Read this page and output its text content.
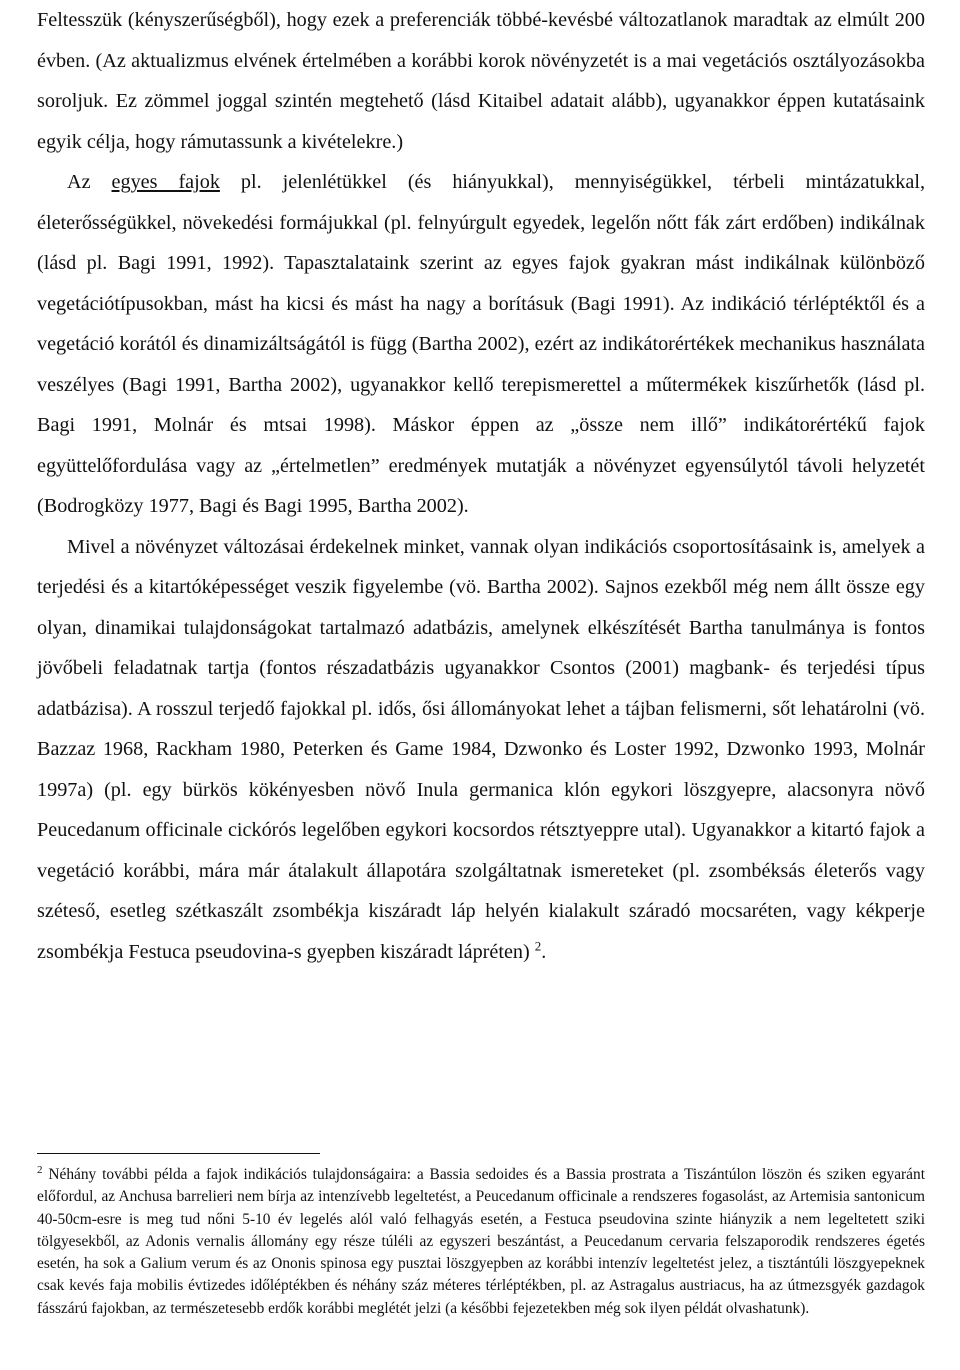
Feltesszük (kényszerűségből), hogy ezek a preferenciák többé-kevésbé változatlanok maradtak az elmúlt 200 évben. (Az aktualizmus elvének értelmében a korábbi korok növényzetét is a mai vegetációs osztályozásokba soroljuk. Ez zömmel joggal szintén megtehető (lásd Kitaibel adatait alább), ugyanakkor éppen kutatásaink egyik célja, hogy rámutassunk a kivételekre.)

Az egyes fajok pl. jelenlétükkel (és hiányukkal), mennyiségükkel, térbeli mintázatukkal, életerősségükkel, növekedési formájukkal (pl. felnyúrgult egyedek, legelőn nőtt fák zárt erdőben) indikálnak (lásd pl. Bagi 1991, 1992). Tapasztalataink szerint az egyes fajok gyakran mást indikálnak különböző vegetációtípusokban, mást ha kicsi és mást ha nagy a borításuk (Bagi 1991). Az indikáció térléptéktől és a vegetáció korától és dinamizáltságától is függ (Bartha 2002), ezért az indikátorértékek mechanikus használata veszélyes (Bagi 1991, Bartha 2002), ugyanakkor kellő terepismerettel a műtermékek kiszűrhetők (lásd pl. Bagi 1991, Molnár és mtsai 1998). Máskor éppen az „össze nem illő” indikátorértékű fajok együttelőfordulása vagy az „értelmetlen” eredmények mutatják a növényzet egyensúlytól távoli helyzetét (Bodrogközy 1977, Bagi és Bagi 1995, Bartha 2002).

Mivel a növényzet változásai érdekelnek minket, vannak olyan indikációs csoportosításaink is, amelyek a terjedési és a kitartóképességet veszik figyelembe (vö. Bartha 2002). Sajnos ezekből még nem állt össze egy olyan, dinamikai tulajdonságokat tartalmazó adatbázis, amelynek elkészítését Bartha tanulmánya is fontos jövőbeli feladatnak tartja (fontos részadatbázis ugyanakkor Csontos (2001) magbank- és terjedési típus adatbázisa). A rosszul terjedő fajokkal pl. idős, ősi állományokat lehet a tájban felismerni, sőt lehatárolni (vö. Bazzaz 1968, Rackham 1980, Peterken és Game 1984, Dzwonko és Loster 1992, Dzwonko 1993, Molnár 1997a) (pl. egy bürkös kökényesben növő Inula germanica klón egykori löszgyepre, alacsonyra növő Peucedanum officinale cickórós legelőben egykori kocsordos rétsztyeppre utal). Ugyanakkor a kitartó fajok a vegetáció korábbi, mára már átalakult állapotára szolgáltatnak ismereteket (pl. zsombéksás életerős vagy széteső, esetleg szétkaszált zsombékja kiszáradt láp helyén kialakult száradó mocsaréten, vagy kékperje zsombékja Festuca pseudovina-s gyepben kiszáradt lápréten) $^2$.

$^2$ Néhány további példa a fajok indikációs tulajdonságaira: a Bassia sedoides és a Bassia prostrata a Tiszántúlon löszön és sziken egyaránt előfordul, az Anchusa barrelieri nem bírja az intenzívebb legeltetést, a Peucedanum officinale a rendszeres fogasolást, az Artemisia santonicum 40-50cm-esre is meg tud nőni 5-10 év legelés alól való felhagyás esetén, a Festuca pseudovina szinte hiányzik a nem legeltetett sziki tölgyesekből, az Adonis vernalis állomány egy része túléli az egyszeri beszántást, a Peucedanum cervaria felszaporodik rendszeres égetés esetén, ha sok a Galium verum és az Ononis spinosa egy pusztai löszgyepben az korábbi intenzív legeltetést jelez, a tisztántúli löszgyepeknek csak kevés faja mobilis évtizedes időléptékben és néhány száz méteres térléptékben, pl. az Astragalus austriacus, ha az útmezsgyék gazdagok fásszárú fajokban, az természetesebb erdők korábbi meglétét jelzi (a későbbi fejezetekben még sok ilyen példát olvashatunk).
